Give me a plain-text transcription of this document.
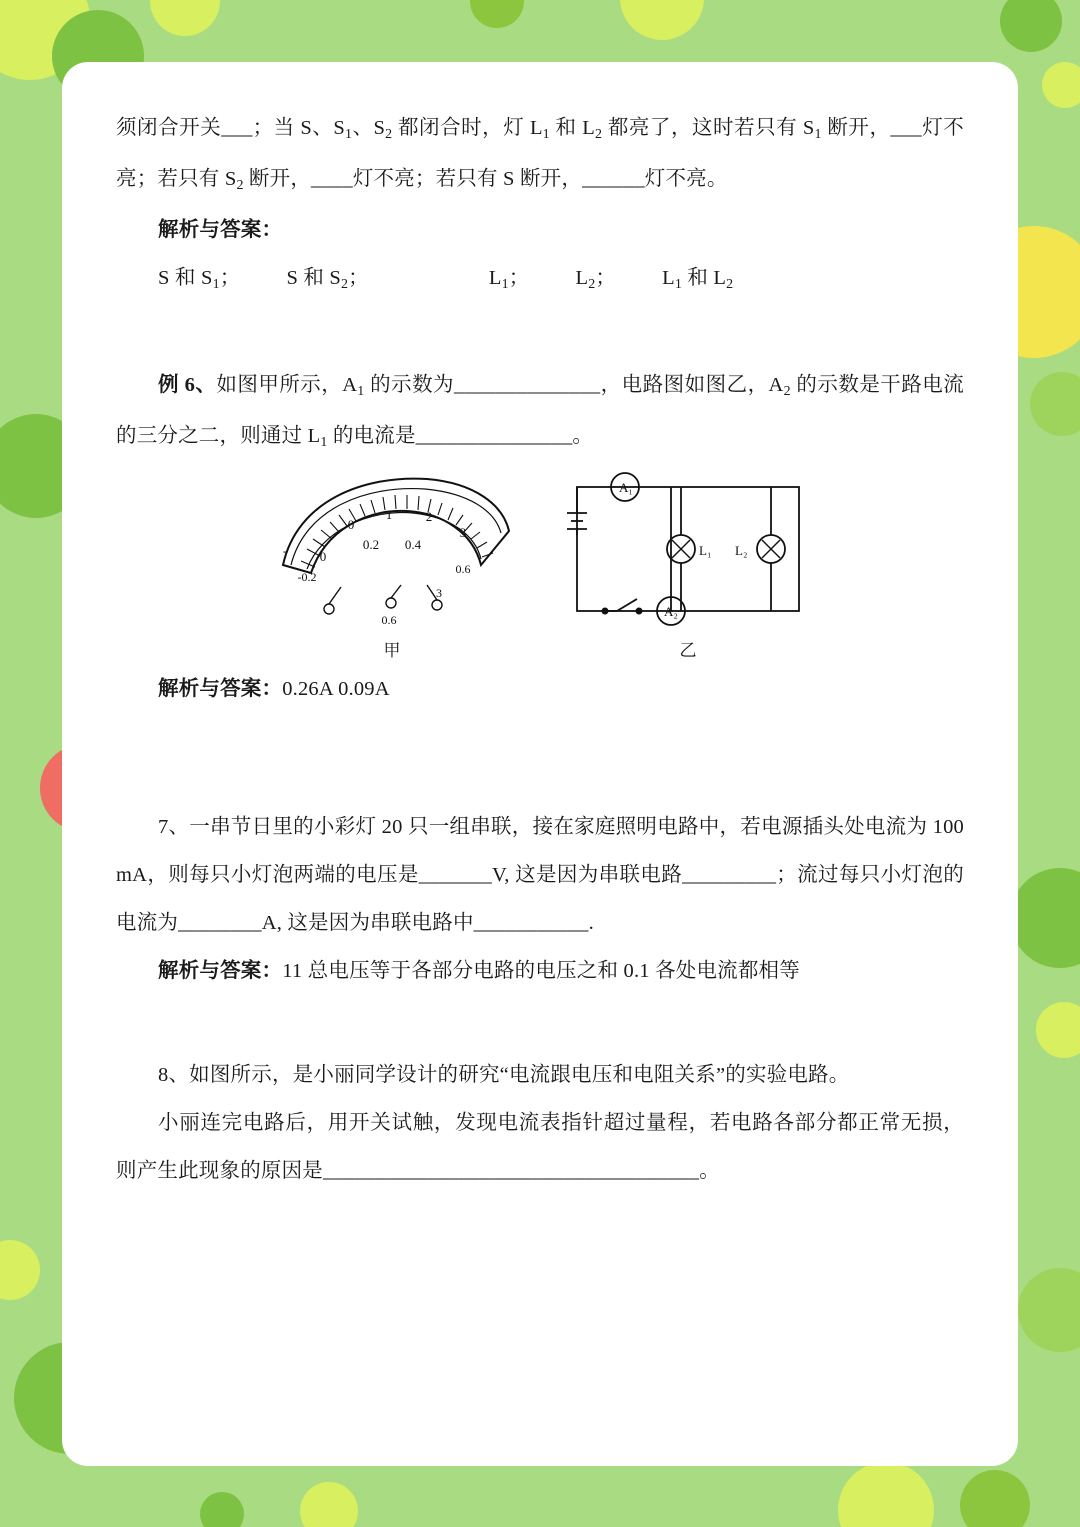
须闭合开关___；当 S、$S_1$、$S_2$ 都闭合时，灯 $L_1$ 和 $L_2$ 都亮了，这时若只有 $S_1$ 断开，___灯不亮；若只有 $S_2$ 断开，____灯不亮；若只有 S 断开，______灯不亮。

解析与答案：

S 和 $S_1$； S 和 $S_2$；	$L_1$； $L_2$； $L_1$ 和 $L_2$

例 6、如图甲所示，$A_1$ 的示数为______________，电路图如图乙，$A_2$ 的示数是干路电流的三分之二，则通过 $L_1$ 的电流是_______________。

0
1	2
3
0
0.2 0.4
-0.2
0.6
-
0.6
3
甲
A₁
A₂
L₁ L₂
乙

解析与答案：0.26A 0.09A

7、一串节日里的小彩灯 20 只一组串联，接在家庭照明电路中，若电源插头处电流为 100 mA，则每只小灯泡两端的电压是_______V, 这是因为串联电路_________；流过每只小灯泡的电流为________A, 这是因为串联电路中___________.

解析与答案：11 总电压等于各部分电路的电压之和 0.1 各处电流都相等

8、如图所示，是小丽同学设计的研究“电流跟电压和电阻关系”的实验电路。

小丽连完电路后，用开关试触，发现电流表指针超过量程，若电路各部分都正常无损，则产生此现象的原因是____________________________________。
